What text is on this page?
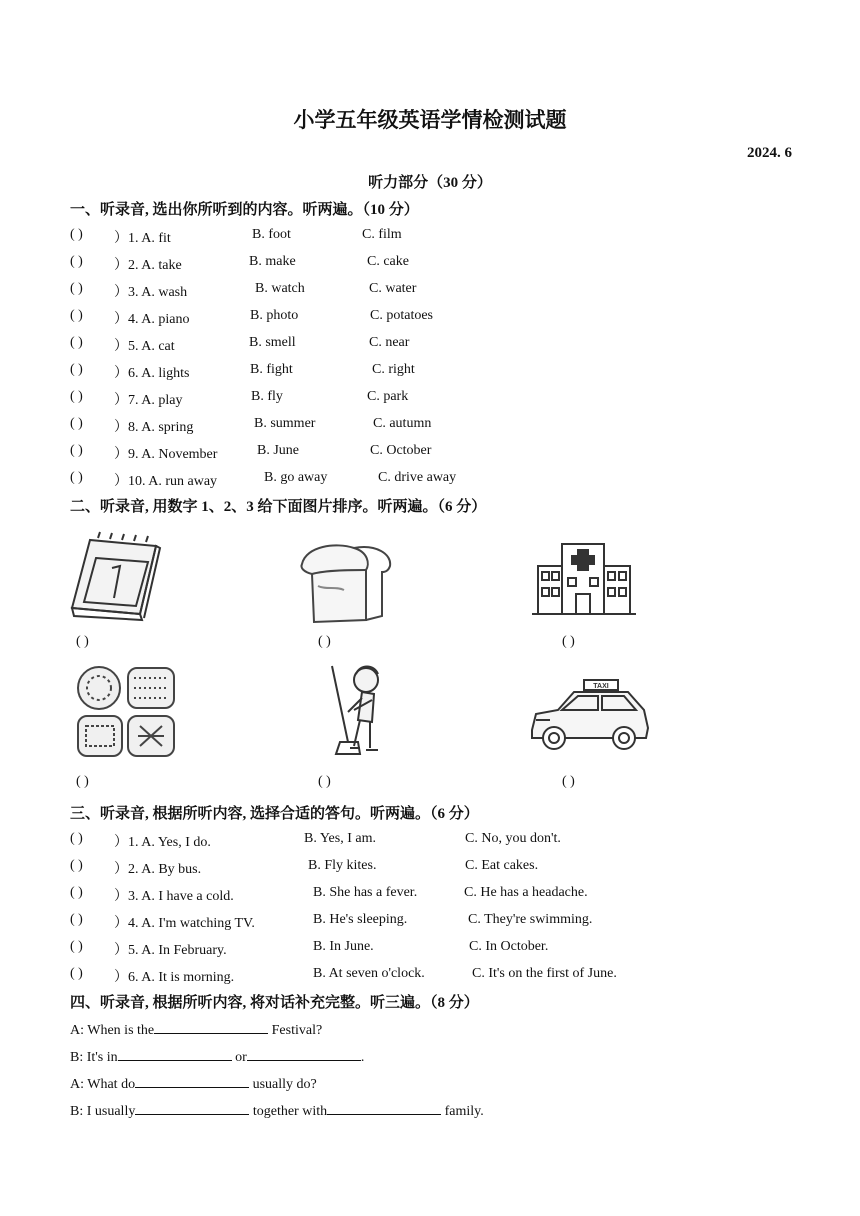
小学五年级英语学情检测试题
2024. 6
听力部分（30 分）
一、听录音, 选出你所听到的内容。听两遍。（10 分）
( ) ）1. A. fit	B. foot	C. film
( ) ）2. A. take	B. make	C. cake
( ) ）3. A. wash	B. watch	C. water
( ) ）4. A. piano	B. photo	C. potatoes
( ) ）5. A. cat	B. smell	C. near
( ) ）6. A. lights	B. fight	C. right
( ) ）7. A. play	B. fly	C. park
( ) ）8. A. spring	B. summer	C. autumn
( ) ）9. A. November	B. June	C. October
( ) ）10. A. run away	B. go away	C. drive away
二、听录音, 用数字 1、2、3 给下面图片排序。听两遍。（6 分）
( )	( )	( )
TAXI
( )	( )	( )
三、听录音, 根据所听内容, 选择合适的答句。听两遍。（6 分）
( ) ）1. A. Yes, I do.	B. Yes, I am.	C. No, you don't.
( ) ）2. A. By bus.	B. Fly kites.	C. Eat cakes.
( ) ）3. A. I have a cold.	B. She has a fever.	C. He has a headache.
( ) ）4. A. I'm watching TV.	B. He's sleeping.	C. They're swimming.
( ) ）5. A. In February.	B. In June.	C. In October.
( ) ）6. A. It is morning.	B. At seven o'clock.	C. It's on the first of June.
四、听录音, 根据所听内容, 将对话补充完整。听三遍。（8 分）
A: When is the	Festival?
B: It's in	or	.
A: What do	usually do?
B: I usually	together with	family.
